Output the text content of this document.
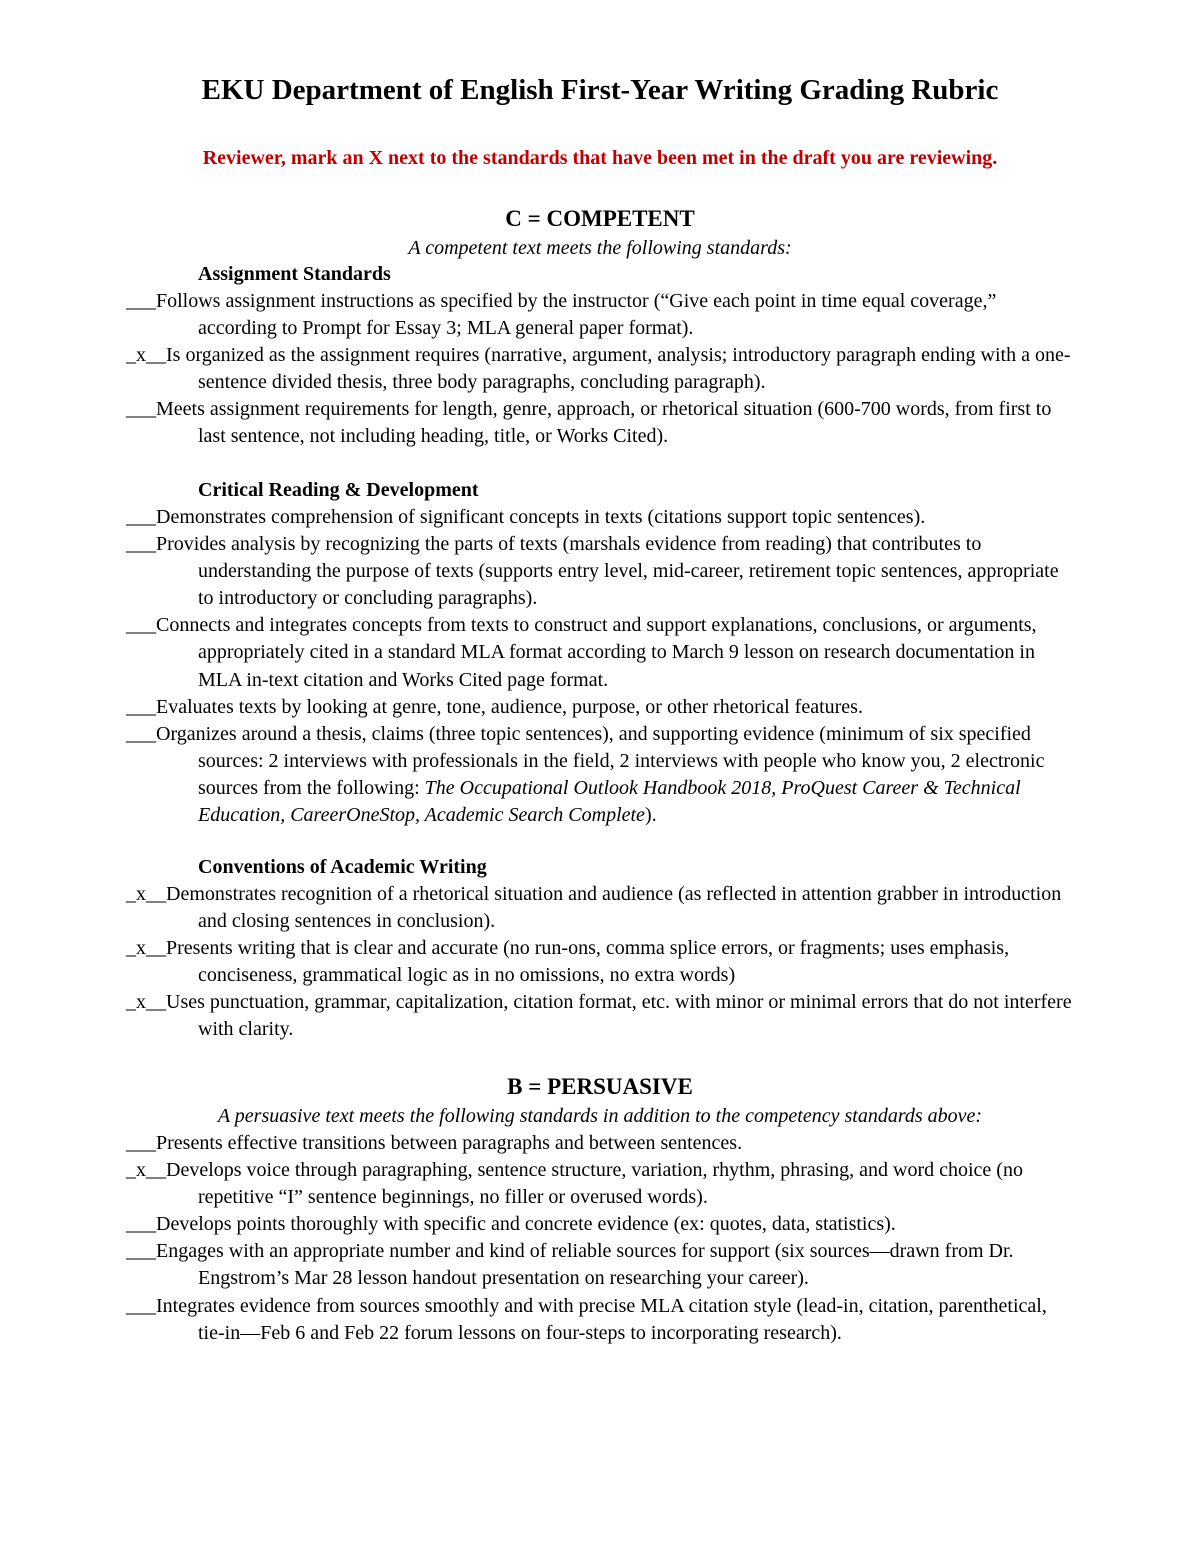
EKU Department of English First-Year Writing Grading Rubric

Reviewer, mark an X next to the standards that have been met in the draft you are reviewing.

C = COMPETENT

A competent text meets the following standards:

Assignment Standards
___Follows assignment instructions as specified by the instructor (“Give each point in time equal coverage,” according to Prompt for Essay 3; MLA general paper format).
_x__Is organized as the assignment requires (narrative, argument, analysis; introductory paragraph ending with a one-sentence divided thesis, three body paragraphs, concluding paragraph).
___Meets assignment requirements for length, genre, approach, or rhetorical situation (600-700 words, from first to last sentence, not including heading, title, or Works Cited).
Critical Reading & Development
___Demonstrates comprehension of significant concepts in texts (citations support topic sentences).
___Provides analysis by recognizing the parts of texts (marshals evidence from reading) that contributes to understanding the purpose of texts (supports entry level, mid-career, retirement topic sentences, appropriate to introductory or concluding paragraphs).
___Connects and integrates concepts from texts to construct and support explanations, conclusions, or arguments, appropriately cited in a standard MLA format according to March 9 lesson on research documentation in MLA in-text citation and Works Cited page format.
___Evaluates texts by looking at genre, tone, audience, purpose, or other rhetorical features.
___Organizes around a thesis, claims (three topic sentences), and supporting evidence (minimum of six specified sources: 2 interviews with professionals in the field, 2 interviews with people who know you, 2 electronic sources from the following: The Occupational Outlook Handbook 2018, ProQuest Career & Technical Education, CareerOneStop, Academic Search Complete).
Conventions of Academic Writing
_x__Demonstrates recognition of a rhetorical situation and audience (as reflected in attention grabber in introduction and closing sentences in conclusion).
_x__Presents writing that is clear and accurate (no run-ons, comma splice errors, or fragments; uses emphasis, conciseness, grammatical logic as in no omissions, no extra words)
_x__Uses punctuation, grammar, capitalization, citation format, etc. with minor or minimal errors that do not interfere with clarity.
B = PERSUASIVE

A persuasive text meets the following standards in addition to the competency standards above:

___Presents effective transitions between paragraphs and between sentences.
_x__Develops voice through paragraphing, sentence structure, variation, rhythm, phrasing, and word choice (no repetitive “I” sentence beginnings, no filler or overused words).
___Develops points thoroughly with specific and concrete evidence (ex: quotes, data, statistics).
___Engages with an appropriate number and kind of reliable sources for support (six sources—drawn from Dr. Engstrom’s Mar 28 lesson handout presentation on researching your career).
___Integrates evidence from sources smoothly and with precise MLA citation style (lead-in, citation, parenthetical, tie-in—Feb 6 and Feb 22 forum lessons on four-steps to incorporating research).
